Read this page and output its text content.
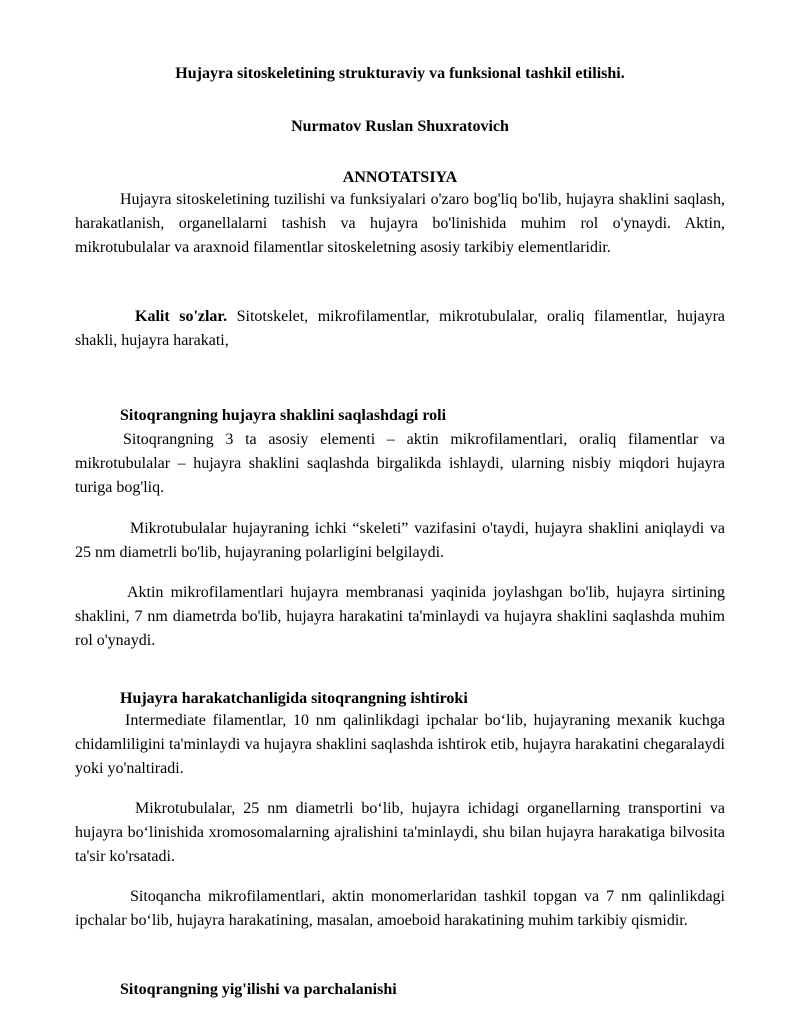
Hujayra sitoskeletining strukturaviy va funksional tashkil etilishi.
Nurmatov Ruslan Shuxratovich
ANNOTATSIYA

Hujayra sitoskeletining tuzilishi va funksiyalari o'zaro bog'liq bo'lib, hujayra shaklini saqlash, harakatlanish, organellalarni tashish va hujayra bo'linishida muhim rol o'ynaydi. Aktin, mikrotubulalar va araxnoid filamentlar sitoskeletning asosiy tarkibiy elementlaridir.

Kalit so'zlar. Sitotskelet, mikrofilamentlar, mikrotubulalar, oraliq filamentlar, hujayra shakli, hujayra harakati,

Sitoqrangning hujayra shaklini saqlashdagi roli

Sitoqrangning 3 ta asosiy elementi – aktin mikrofilamentlari, oraliq filamentlar va mikrotubulalar – hujayra shaklini saqlashda birgalikda ishlaydi, ularning nisbiy miqdori hujayra turiga bog'liq.

Mikrotubulalar hujayraning ichki “skeleti” vazifasini o'taydi, hujayra shaklini aniqlaydi va 25 nm diametrli bo'lib, hujayraning polarligini belgilaydi.

Aktin mikrofilamentlari hujayra membranasi yaqinida joylashgan bo'lib, hujayra sirtining shaklini, 7 nm diametrda bo'lib, hujayra harakatini ta'minlaydi va hujayra shaklini saqlashda muhim rol o'ynaydi.

Hujayra harakatchanligida sitoqrangning ishtiroki

Intermediate filamentlar, 10 nm qalinlikdagi ipchalar bo‘lib, hujayraning mexanik kuchga chidamliligini ta'minlaydi va hujayra shaklini saqlashda ishtirok etib, hujayra harakatini chegaralaydi yoki yo'naltiradi.

Mikrotubulalar, 25 nm diametrli bo‘lib, hujayra ichidagi organellarning transportini va hujayra bo‘linishida xromosomalarning ajralishini ta'minlaydi, shu bilan hujayra harakatiga bilvosita ta'sir ko'rsatadi.

Sitoqancha mikrofilamentlari, aktin monomerlaridan tashkil topgan va 7 nm qalinlikdagi ipchalar bo‘lib, hujayra harakatining, masalan, amoeboid harakatining muhim tarkibiy qismidir.

Sitoqrangning yig'ilishi va parchalanishi
